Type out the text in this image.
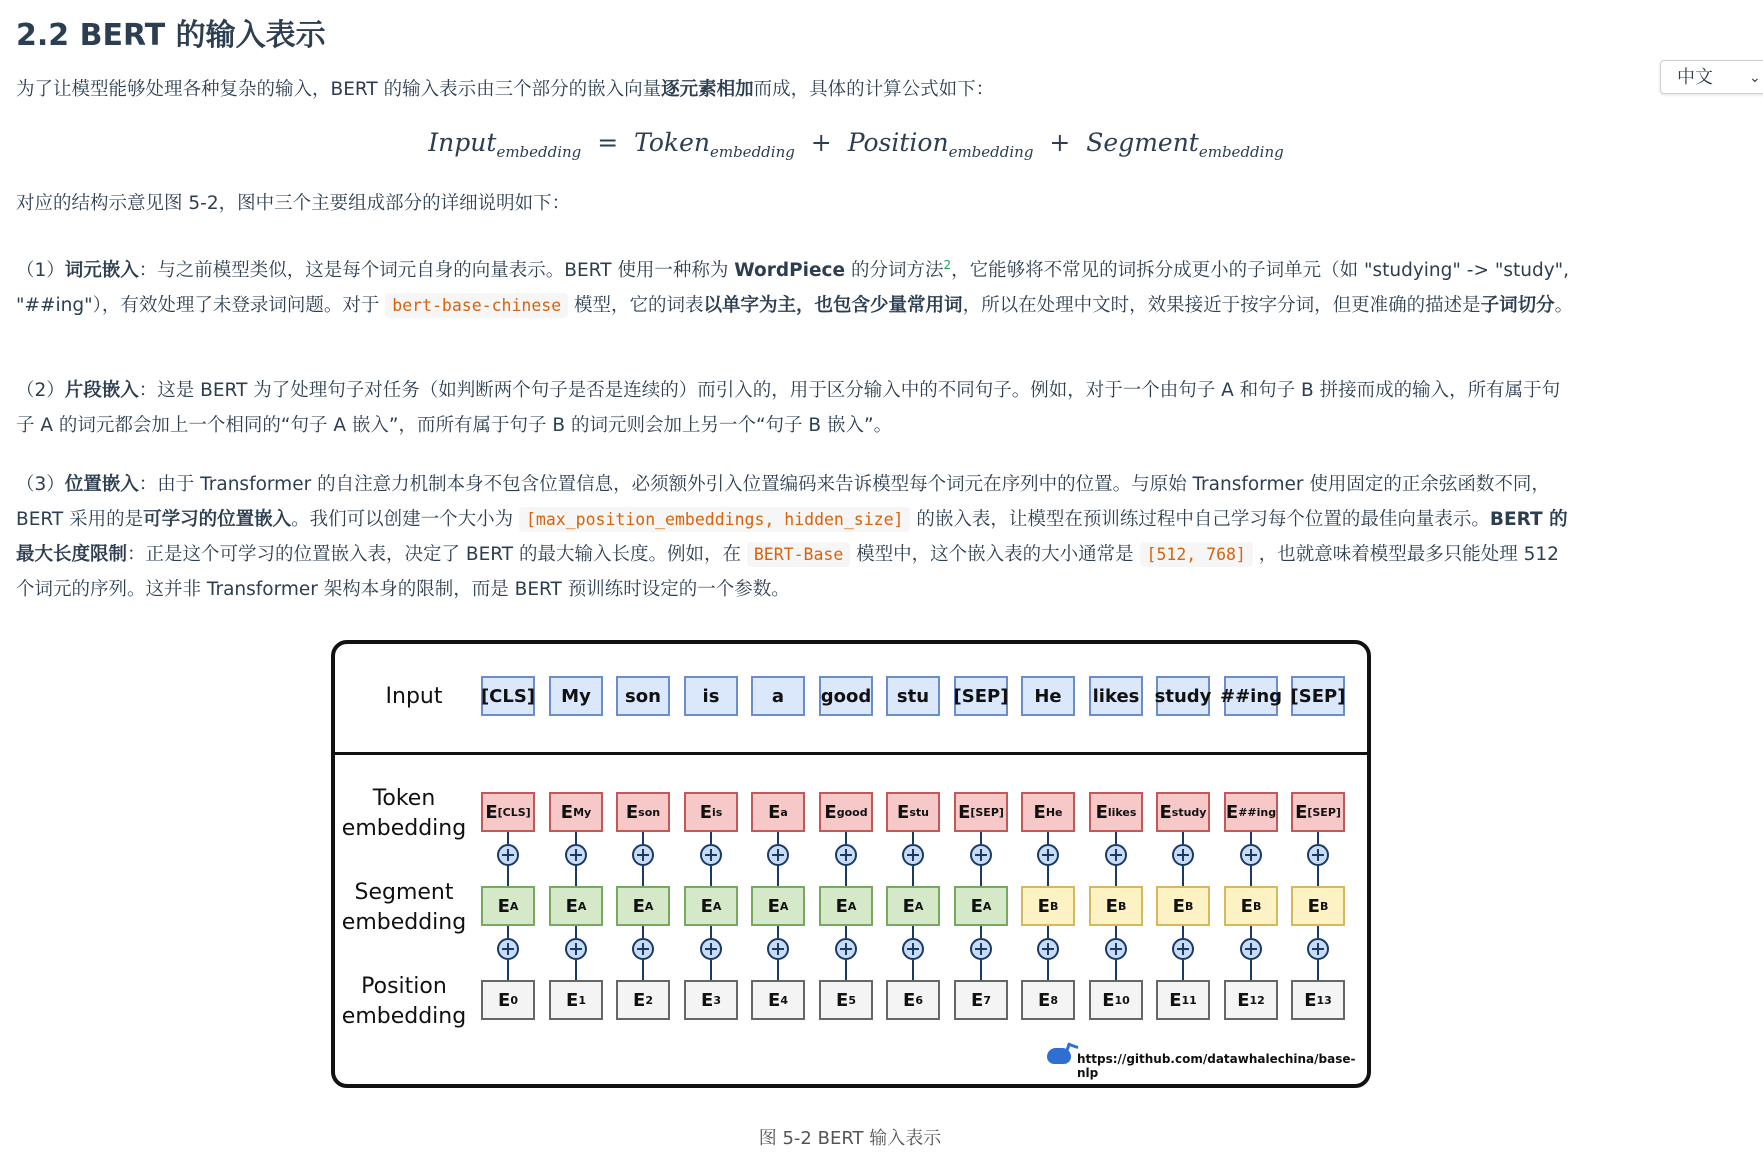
2.2 BERT 的输入表示

为了让模型能够处理各种复杂的输入，BERT 的输入表示由三个部分的嵌入向量逐元素相加而成，具体的计算公式如下：

Input$_{embedding}$ = Token$_{embedding}$ + Position$_{embedding}$ + Segment$_{embedding}$

对应的结构示意见图 5-2，图中三个主要组成部分的详细说明如下：

（1）词元嵌入：与之前模型类似，这是每个词元自身的向量表示。BERT 使用一种称为 WordPiece 的分词方法$^2$，它能够将不常见的词拆分成更小的子词单元（如 "studying" -> "study",
"##ing"），有效处理了未登录词问题。对于 bert-base-chinese 模型，它的词表以单字为主，也包含少量常用词，所以在处理中文时，效果接近于按字分词，但更准确的描述是子词切分。

（2）片段嵌入：这是 BERT 为了处理句子对任务（如判断两个句子是否是连续的）而引入的，用于区分输入中的不同句子。例如，对于一个由句子 A 和句子 B 拼接而成的输入，所有属于句
子 A 的词元都会加上一个相同的“句子 A 嵌入”，而所有属于句子 B 的词元则会加上另一个“句子 B 嵌入”。

（3）位置嵌入：由于 Transformer 的自注意力机制本身不包含位置信息，必须额外引入位置编码来告诉模型每个词元在序列中的位置。与原始 Transformer 使用固定的正余弦函数不同，
BERT 采用的是可学习的位置嵌入。我们可以创建一个大小为 [max_position_embeddings, hidden_size] 的嵌入表，让模型在预训练过程中自己学习每个位置的最佳向量表示。BERT 的
最大长度限制：正是这个可学习的位置嵌入表，决定了 BERT 的最大输入长度。例如，在 BERT-Base 模型中，这个嵌入表的大小通常是 [512, 768] ，也就意味着模型最多只能处理 512
个词元的序列。这并非 Transformer 架构本身的限制，而是 BERT 预训练时设定的一个参数。

中文	⌄
Input
Token
embedding
Segment
embedding
Position
embedding
[CLS]
E [CLS]
E A
E 0
My
E My
E A
E 1
son
E son
E A
E 2
is
E is
E A
E 3
a
E a
E A
E 4
good
E good
E A
E 5
stu
E stu
E A
E 6
[SEP]
E [SEP]
E A
E 7
He
E He
E B
E 8
likes
E likes
E B
E 10
study
E study
E B
E 11
##ing
E ##ing
E B
E 12
[SEP]
E [SEP]
E B
E 13
https://github.com/datawhalechina/base-nlp
图 5-2 BERT 输入表示
